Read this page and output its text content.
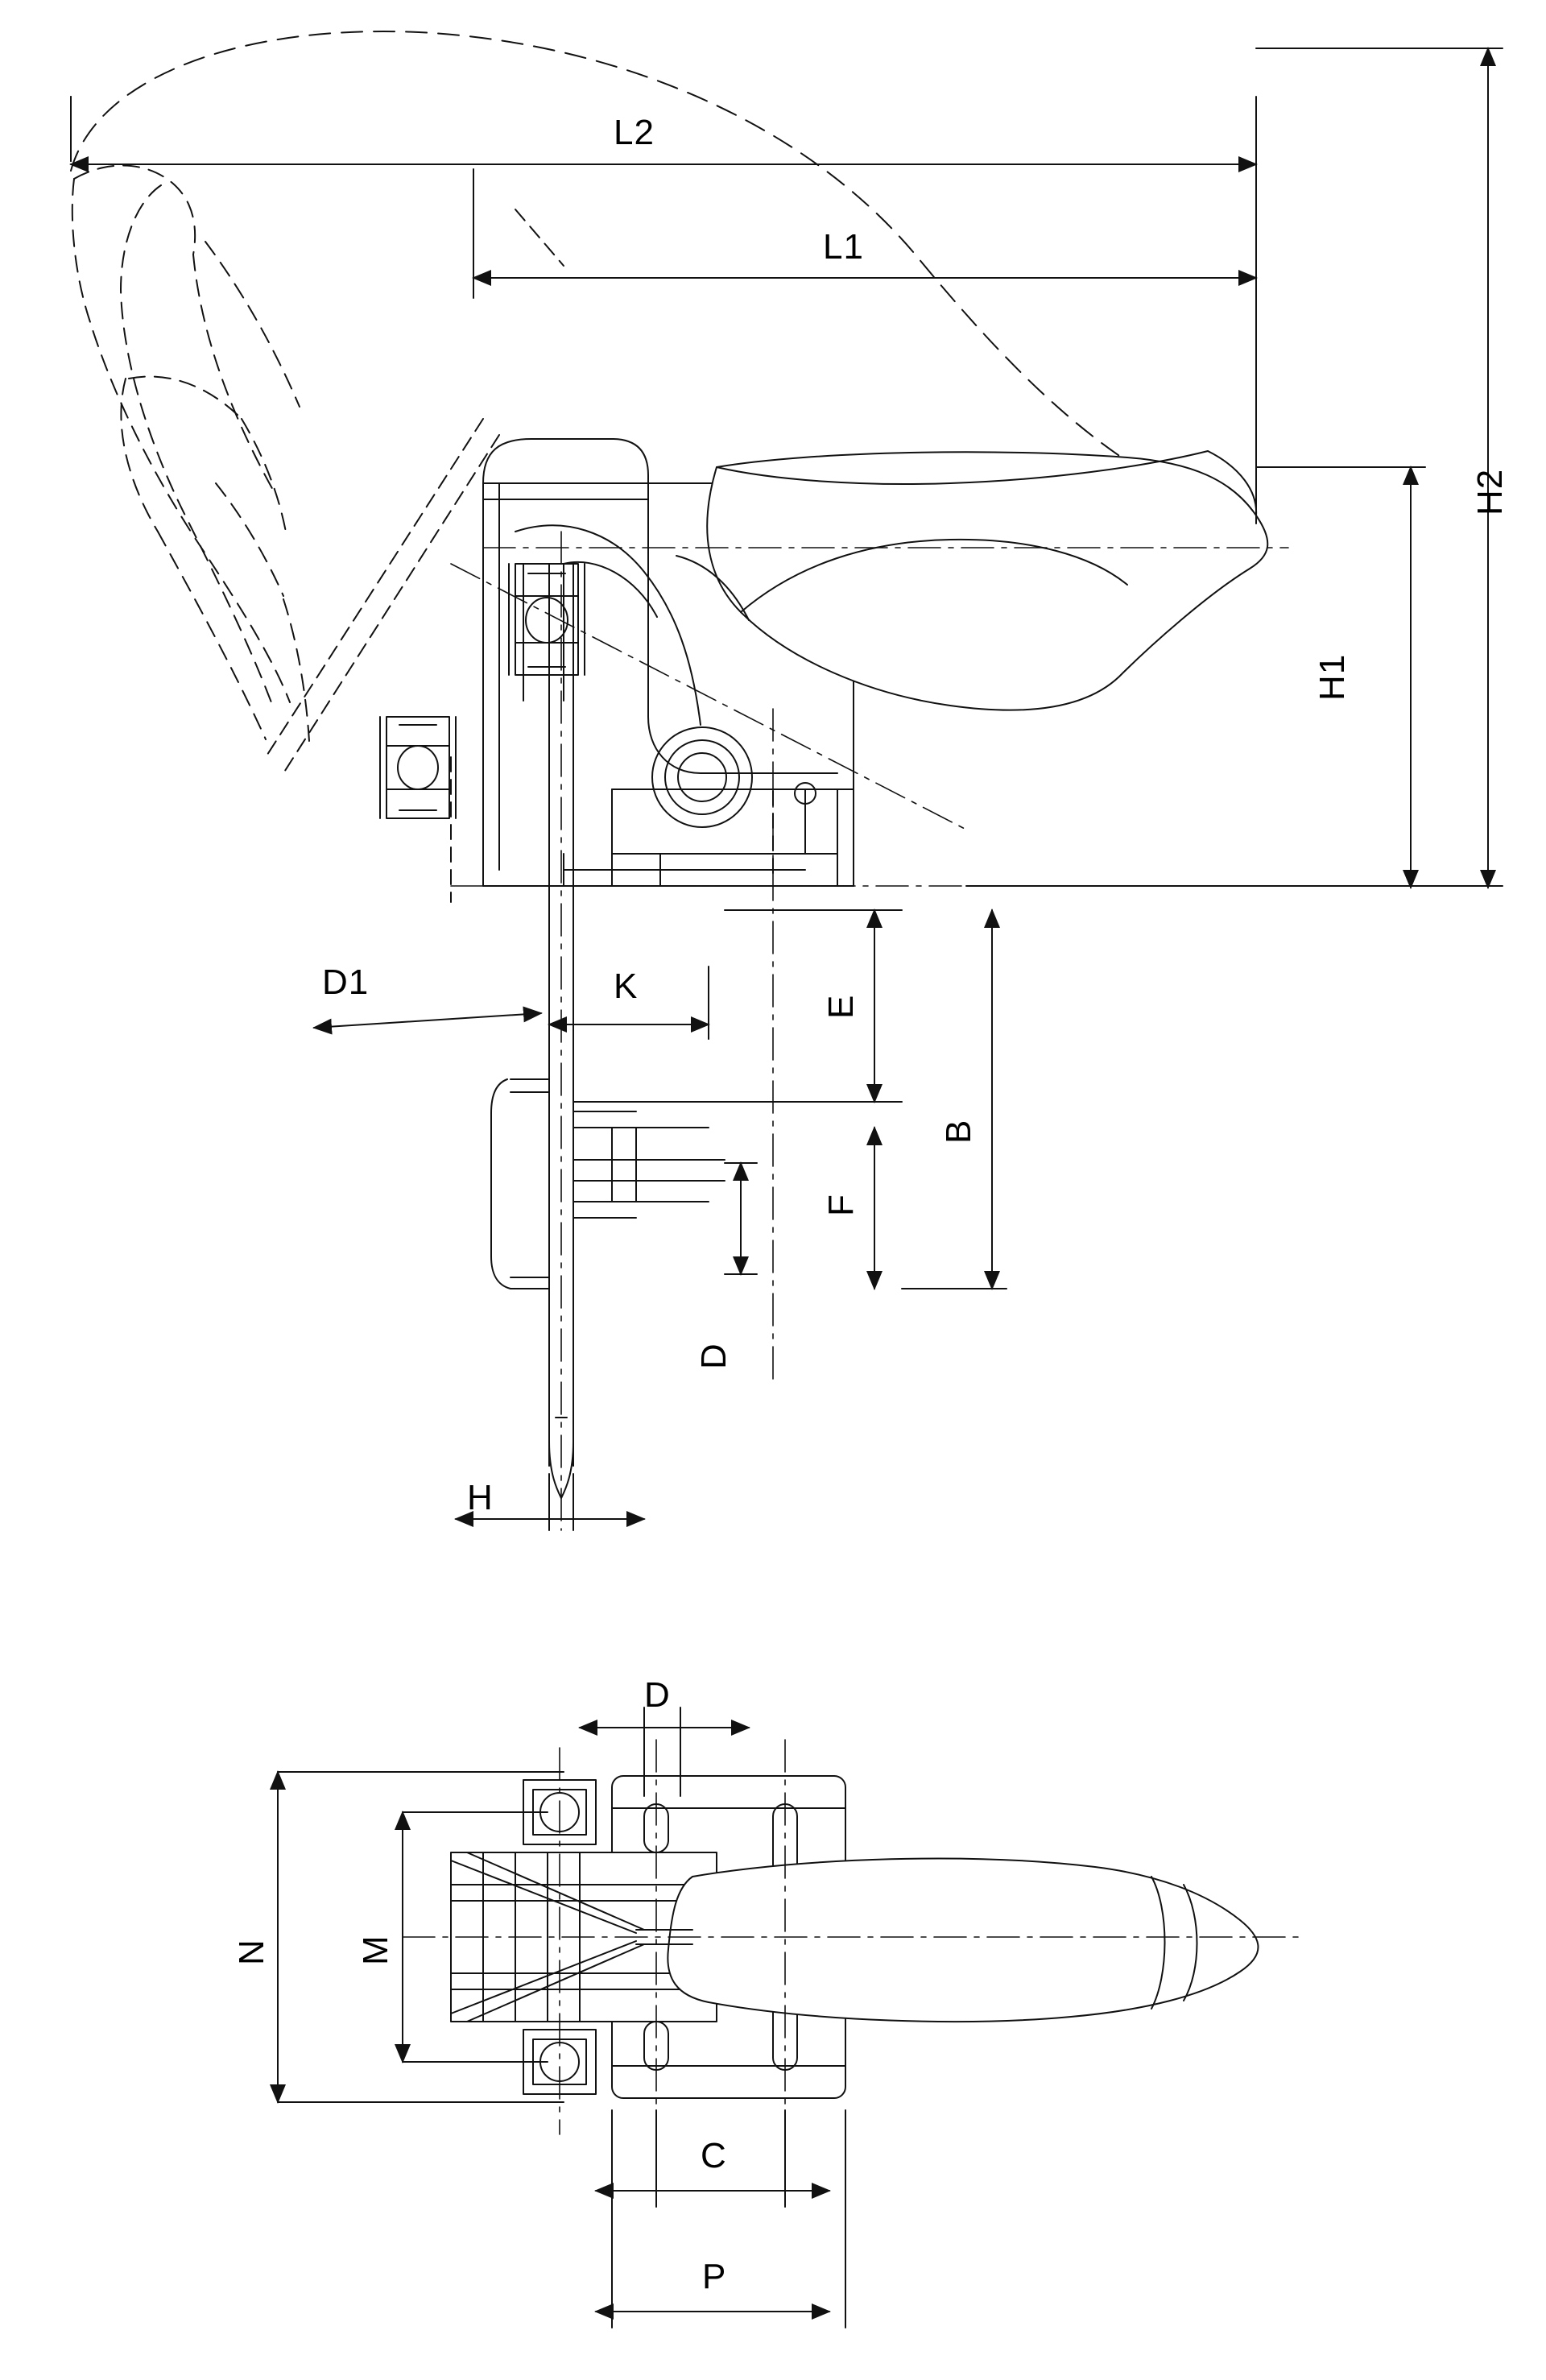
L2
L1
H2
H1
D1	K
E
B
F
D
H
D
N M
C
P
